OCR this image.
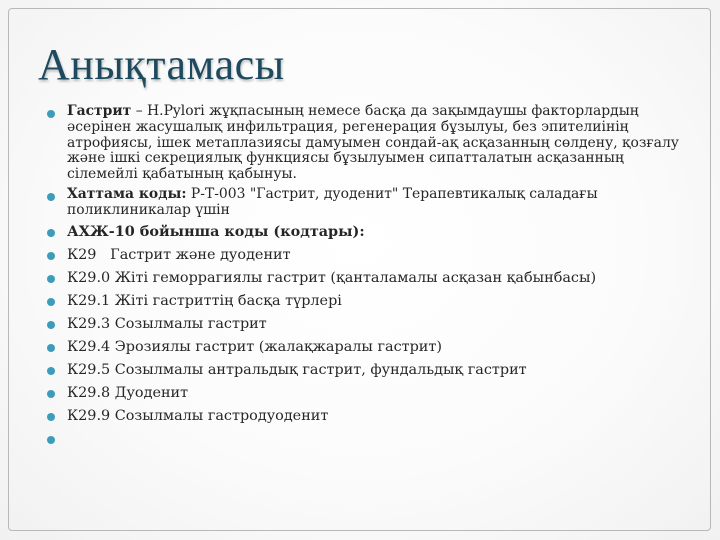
Анықтамасы
Гастрит – H.Pylori жұқпасының немесе басқа да зақымдаушы факторлардың әсерінен жасушалық инфильтрация, регенерация бұзылуы, без эпителиінің атрофиясы, ішек метаплазиясы дамуымен сондай-ақ асқазанның сөлдену, қозғалу және ішкі секрециялық функциясы бұзылуымен сипатталатын асқазанның сілемейлі қабатының қабынуы.
Хаттама коды: Р-Т-003 "Гастрит, дуоденит" Терапевтикалық саладағы поликлиникалар үшін
АХЖ-10 бойынша коды (кодтары):
К29   Гастрит және дуоденит
К29.0 Жіті геморрагиялы гастрит (қанталамалы асқазан қабынбасы)
К29.1 Жіті гастриттің басқа түрлері
К29.3 Созылмалы гастрит
К29.4 Эрозиялы гастрит (жалақжаралы гастрит)
К29.5 Созылмалы антральдық гастрит, фундальдық гастрит
К29.8 Дуоденит
К29.9 Созылмалы гастродуоденит
